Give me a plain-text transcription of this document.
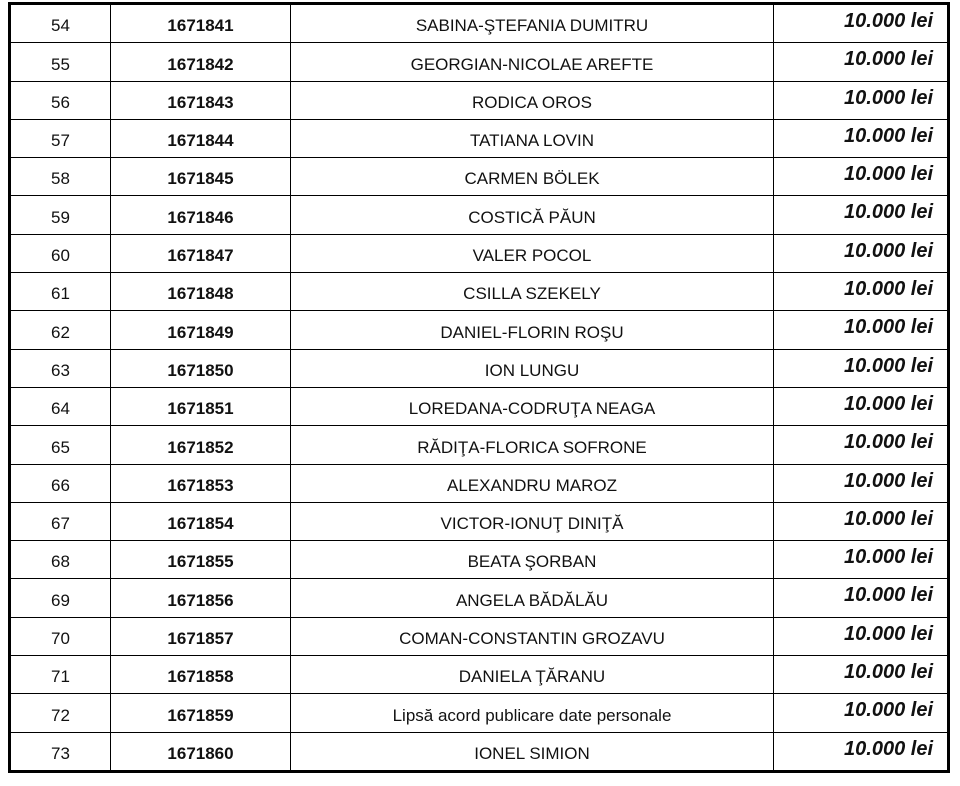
54	1671841	SABINA-ŞTEFANIA DUMITRU	10.000 lei
55	1671842	GEORGIAN-NICOLAE AREFTE	10.000 lei
56	1671843	RODICA OROS	10.000 lei
57	1671844	TATIANA LOVIN	10.000 lei
58	1671845	CARMEN BÖLEK	10.000 lei
59	1671846	COSTICĂ PĂUN	10.000 lei
60	1671847	VALER POCOL	10.000 lei
61	1671848	CSILLA SZEKELY	10.000 lei
62	1671849	DANIEL-FLORIN ROŞU	10.000 lei
63	1671850	ION LUNGU	10.000 lei
64	1671851	LOREDANA-CODRUŢA NEAGA	10.000 lei
65	1671852	RĂDIŢA-FLORICA SOFRONE	10.000 lei
66	1671853	ALEXANDRU MAROZ	10.000 lei
67	1671854	VICTOR-IONUŢ DINIŢĂ	10.000 lei
68	1671855	BEATA ŞORBAN	10.000 lei
69	1671856	ANGELA BĂDĂLĂU	10.000 lei
70	1671857	COMAN-CONSTANTIN GROZAVU	10.000 lei
71	1671858	DANIELA ŢĂRANU	10.000 lei
72	1671859	Lipsă acord publicare date personale	10.000 lei
73	1671860	IONEL SIMION	10.000 lei
